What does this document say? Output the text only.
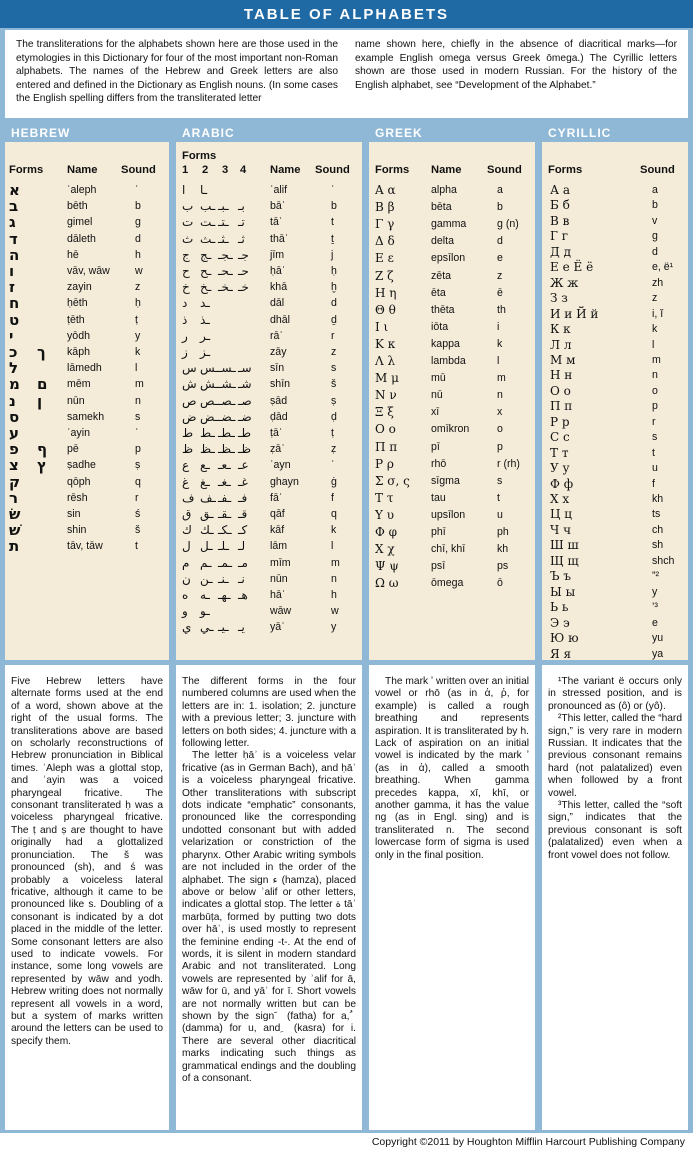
TABLE OF ALPHABETS
The transliterations for the alphabets shown here are those used in the etymologies in this Dictionary for four of the most important non-Roman alphabets. The names of the Hebrew and Greek letters are also entered and defined in the Dictionary as English nouns. (In some cases the English spelling differs from the transliterated letter
name shown here, chiefly in the absence of diacritical marks—for example English omega versus Greek ōmega.) The Cyrillic letters shown are those used in modern Russian. For the history of the English alphabet, see “Development of the Alphabet.”
HEBREW	ARABIC	GREEK	CYRILLIC
Forms Name Sound
א	ʾaleph	ʾ
ב	bēth	b
ג	gimel	g
ד	dāleth	d
ה	hē	h
ו	vāv, wāw w
ז	zayin	z
ח	ḥēth	ḥ
ט	ṭēth	ṭ
י	yōdh	y
כ ך kāph	k
ל	lāmedh	l
מ ם mēm	m
נ ן nūn	n
ס	samekh	s
ע	ʿayin	ʿ
פ ף pē	p
צ ץ ṣadhe	ṣ
ק	qōph	q
ר	rēsh	r
שׂ	sin	ś
שׁ	shin	š
ת	tāv, tāw	t
Forms
1 2 3 4 Name Sound
ا ـا	ʾalif	ʾ
ب ـب ـبـ بـ bāʾ	b
ت ـت ـتـ تـ tāʾ	t
ث ـث ـثـ ثـ thāʾ	ṯ
ج ـج ـجـ جـ jīm	j
ح ـح ـحـ حـ ḥāʾ	ḥ
خ ـخ ـخـ خـ khā	ḫ
د ـد	dāl	d
ذ ـذ	dhāl	ḏ
ر ـر	rāʾ	r
ز ـز	zāy	z
س ـس ـسـ سـ sīn	s
ش ـش ـشـ شـ shīn	š
ص ـص ـصـ صـ ṣād	ṣ
ض ـض ـضـ ضـ ḍād	ḍ
ط ـط ـطـ طـ ṭāʾ	ṭ
ظ ـظ ـظـ ظـ ẓāʾ	ẓ
ع ـع ـعـ عـ ʿayn	ʿ
غ ـغ ـغـ غـ ghayn	ġ
ف ـف ـفـ فـ fāʾ	f
ق ـق ـقـ قـ qāf	q
ك ـك ـكـ كـ kāf	k
ل ـل ـلـ لـ lām	l
م ـم ـمـ مـ mīm	m
ن ـن ـنـ نـ nūn	n
ه ـه ـهـ هـ hāʾ	h
و ـو	wāw	w
ي ـي ـيـ يـ yāʾ	y
Forms Name Sound
Α α	alpha	a
Β β	bēta	b
Γ γ	gamma	g (n)
Δ δ	delta	d
Ε ε	epsīlon	e
Ζ ζ	zēta	z
Η η	ēta	ē
Θ θ	thēta	th
Ι ι	iōta	i
Κ κ	kappa	k
Λ λ	lambda	l
Μ μ	mū	m
Ν ν	nū	n
Ξ ξ	xī	x
Ο ο	omīkron	o
Π π	pī	p
Ρ ρ	rhō	r (rh)
Σ σ, ς sīgma	s
Τ τ	tau	t
Υ υ	upsīlon	u
Φ φ	phī	ph
Χ χ	chī, khī	kh
Ψ ψ	psī	ps
Ω ω	ōmega	ō
Forms	Sound
А а	a
Б б	b
В в	v
Г г	g
Д д	d
Е е Ё ё	e, ë¹
Ж ж	zh
З з	z
И и Й й	i, ĭ
К к	k
Л л	l
М м	m
Н н	n
О о	o
П п	p
Р р	r
С с	s
Т т	t
У у	u
Ф ф	f
Х х	kh
Ц ц	ts
Ч ч	ch
Ш ш	sh
Щ щ	shch
Ъ ъ	”²
Ы ы	y
Ь ь	’³
Э э	e
Ю ю	yu
Я я	ya

Five Hebrew letters have alternate forms used at the end of a word, shown above at the right of the usual forms. The transliterations above are based on scholarly reconstructions of Hebrew pronunciation in Biblical times. ʾAleph was a glottal stop, and ʿayin was a voiced pharyngeal fricative. The consonant transliterated ḥ was a voiceless pharyngeal fricative. The ṭ and ṣ are thought to have originally had a glottalized pronunciation. The š was pronounced (sh), and ś was probably a voiceless lateral fricative, although it came to be pronounced like s. Doubling of a consonant is indicated by a dot placed in the middle of the letter. Some consonant letters are also used to indicate vowels. For instance, some long vowels are represented by wāw and yodh. Hebrew writing does not normally represent all vowels in a word, but a system of marks written around the letters can be used to specify them.

The different forms in the four numbered columns are used when the letters are in: 1. isolation; 2. juncture with a previous letter; 3. juncture with letters on both sides; 4. juncture with a following letter.

The letter ḥāʾ is a voiceless velar fricative (as in German Bach), and ḥāʾ is a voiceless pharyngeal fricative. Other transliterations with subscript dots indicate “emphatic” consonants, pronounced like the corresponding undotted consonant but with added velarization or constriction of the pharynx. Other Arabic writing symbols are not included in the order of the alphabet. The sign ء (hamza), placed above or below ʾalif or other letters, indicates a glottal stop. The letter ة tāʾ marbūṭa, formed by putting two dots over hāʾ, is used mostly to represent the feminine ending -t-. At the end of words, it is silent in modern standard Arabic and not transliterated. Long vowels are represented by ʾalif for ā, wāw for ū, and yāʾ for ī. Short vowels are not normally written but can be shown by the sign َ (fatha) for a, ُ (damma) for u, and ِ (kasra) for i. There are several other diacritical marks indicating such things as grammatical endings and the doubling of a consonant.

The mark ʼ written over an initial vowel or rhō (as in ἀ, ῥ, for example) is called a rough breathing and represents aspiration. It is transliterated by h. Lack of aspiration on an initial vowel is indicated by the mark ʼ (as in ἀ), called a smooth breathing. When gamma precedes kappa, xī, khī, or another gamma, it has the value ng (as in Engl. sing) and is transliterated n. The second lowercase form of sigma is used only in the final position.

¹The variant ë occurs only in stressed position, and is pronounced as (ô) or (yô).

²This letter, called the “hard sign,” is very rare in modern Russian. It indicates that the previous consonant remains hard (not palatalized) even when followed by a front vowel.

³This letter, called the “soft sign,” indicates that the previous consonant is soft (palatalized) even when a front vowel does not follow.

Copyright ©2011 by Houghton Mifflin Harcourt Publishing Company
